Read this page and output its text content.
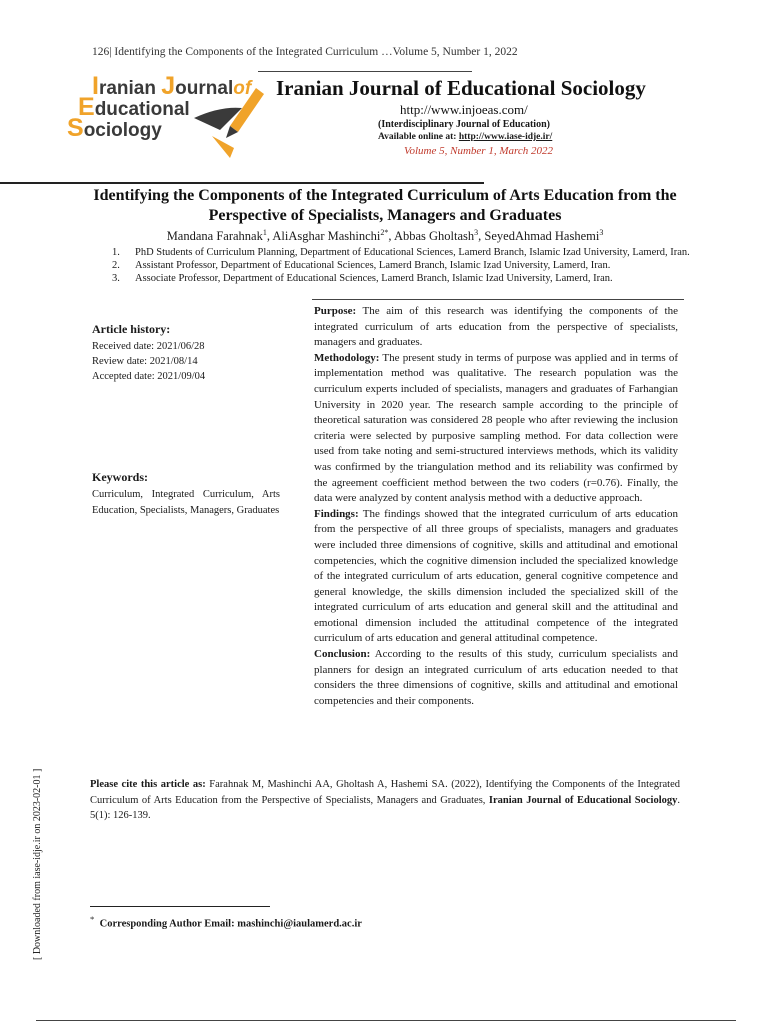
126| Identifying the Components of the Integrated Curriculum …Volume 5, Number 1, 2022
Iranian Journalof
Educational
Sociology
Iranian Journal of Educational Sociology
http://www.injoeas.com/
(Interdisciplinary Journal of Education)
Available online at: http://www.iase-idje.ir/
Volume 5, Number 1, March 2022
Identifying the Components of the Integrated Curriculum of Arts Education from the Perspective of Specialists, Managers and Graduates
Mandana Farahnak$^1$, AliAsghar Mashinchi$^{2*}$, Abbas Gholtash$^3$, SeyedAhmad Hashemi$^3$
1.	PhD Students of Curriculum Planning, Department of Educational Sciences, Lamerd Branch, Islamic Izad University, Lamerd, Iran.
2.	Assistant Professor, Department of Educational Sciences, Lamerd Branch, Islamic Izad University, Lamerd, Iran.
3.	Associate Professor, Department of Educational Sciences, Lamerd Branch, Islamic Izad University, Lamerd, Iran.
Article history:
Received date: 2021/06/28
Review date: 2021/08/14
Accepted date: 2021/09/04
Keywords:

Curriculum, Integrated Curriculum, Arts Education, Specialists, Managers, Graduates

Purpose: The aim of this research was identifying the components of the integrated curriculum of arts education from the perspective of specialists, managers and graduates.

Methodology: The present study in terms of purpose was applied and in terms of implementation method was qualitative. The research population was the curriculum experts included of specialists, managers and graduates of Farhangian University in 2020 year. The research sample according to the principle of theoretical saturation was considered 28 people who after reviewing the inclusion criteria were selected by purposive sampling method. For data collection were used from take noting and semi-structured interviews methods, which its validity was confirmed by the triangulation method and its reliability was confirmed by the agreement coefficient method between the two coders (r=0.76). Finally, the data were analyzed by content analysis method with a deductive approach.

Findings: The findings showed that the integrated curriculum of arts education from the perspective of all three groups of specialists, managers and graduates were included three dimensions of cognitive, skills and attitudinal and emotional competencies, which the cognitive dimension included the specialized knowledge of the integrated curriculum of arts education, general cognitive competence and general knowledge, the skills dimension included the specialized skill of the integrated curriculum of arts education and general skill and the attitudinal and emotional dimension included the attitudinal competence of the integrated curriculum of arts education and general attitudinal competence.

Conclusion: According to the results of this study, curriculum specialists and planners for design an integrated curriculum of arts education needed to that considers the three dimensions of cognitive, skills and attitudinal and emotional competencies and their components.

Please cite this article as: Farahnak M, Mashinchi AA, Gholtash A, Hashemi SA. (2022), Identifying the Components of the Integrated Curriculum of Arts Education from the Perspective of Specialists, Managers and Graduates, Iranian Journal of Educational Sociology. 5(1): 126-139.
* Corresponding Author Email: mashinchi@iaulamerd.ac.ir
[ Downloaded from iase-idje.ir on 2023-02-01 ]
